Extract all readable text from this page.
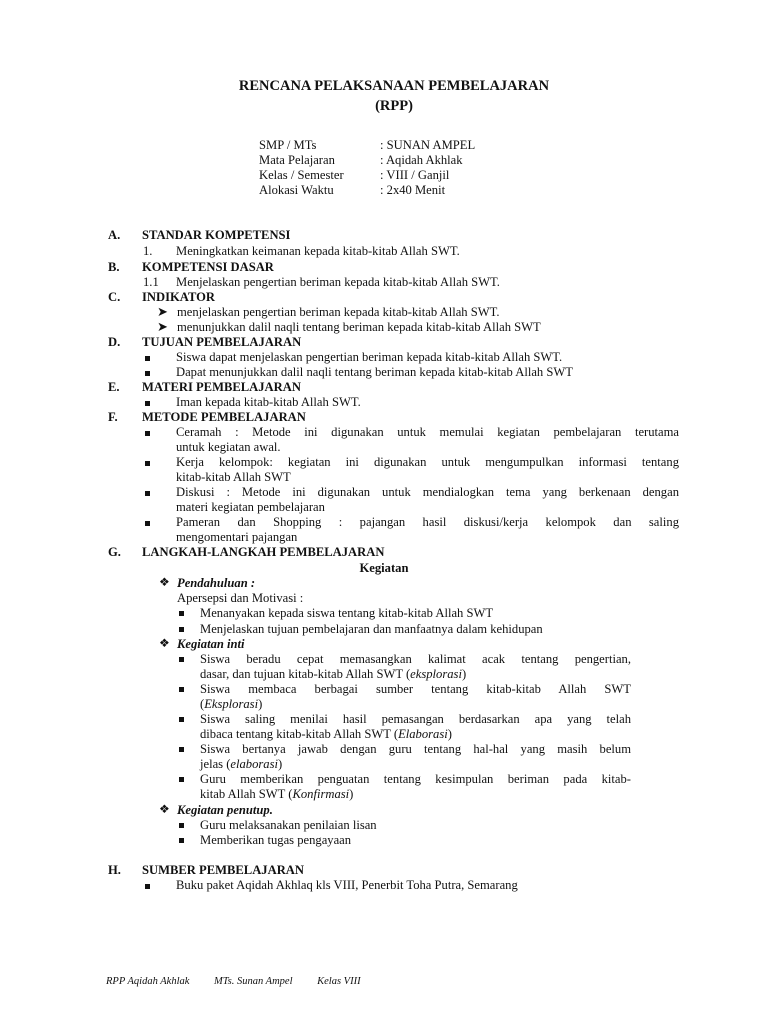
RENCANA PELAKSANAAN PEMBELAJARAN
(RPP)
SMP / MTs	: SUNAN AMPEL
Mata Pelajaran	: Aqidah Akhlak
Kelas / Semester	: VIII / Ganjil
Alokasi Waktu	: 2x40 Menit
A.	STANDAR KOMPETENSI
1. Meningkatkan keimanan kepada kitab-kitab Allah SWT.
B.	KOMPETENSI DASAR
1.1 Menjelaskan pengertian beriman kepada kitab-kitab Allah SWT.
C.	INDIKATOR
➤ menjelaskan pengertian beriman kepada kitab-kitab Allah SWT.
➤ menunjukkan dalil naqli tentang beriman kepada kitab-kitab Allah SWT
D.	TUJUAN PEMBELAJARAN
Siswa dapat menjelaskan pengertian beriman kepada kitab-kitab Allah SWT.
Dapat menunjukkan dalil naqli tentang beriman kepada kitab-kitab Allah SWT
E.	MATERI PEMBELAJARAN
Iman kepada kitab-kitab Allah SWT.
F.	METODE PEMBELAJARAN
Ceramah : Metode ini digunakan untuk memulai kegiatan pembelajaran terutama
untuk kegiatan awal.
Kerja kelompok: kegiatan ini digunakan untuk mengumpulkan informasi tentang
kitab-kitab Allah SWT
Diskusi : Metode ini digunakan untuk mendialogkan tema yang berkenaan dengan
materi kegiatan pembelajaran
Pameran dan Shopping : pajangan hasil diskusi/kerja kelompok dan saling
mengomentari pajangan
G.	LANGKAH-LANGKAH PEMBELAJARAN
Kegiatan
❖ Pendahuluan :
Apersepsi dan Motivasi :
Menanyakan kepada siswa tentang kitab-kitab Allah SWT
Menjelaskan tujuan pembelajaran dan manfaatnya dalam kehidupan
❖ Kegiatan inti
Siswa beradu cepat memasangkan kalimat acak tentang pengertian,
dasar, dan tujuan kitab-kitab Allah SWT (eksplorasi)
Siswa membaca berbagai sumber tentang kitab-kitab Allah SWT
(Eksplorasi)
Siswa saling menilai hasil pemasangan berdasarkan apa yang telah
dibaca tentang kitab-kitab Allah SWT (Elaborasi)
Siswa bertanya jawab dengan guru tentang hal-hal yang masih belum
jelas (elaborasi)
Guru memberikan penguatan tentang kesimpulan beriman pada kitab-
kitab Allah SWT (Konfirmasi)
❖ Kegiatan penutup.
Guru melaksanakan penilaian lisan
Memberikan tugas pengayaan
H.	SUMBER PEMBELAJARAN
Buku paket Aqidah Akhlaq kls VIII, Penerbit Toha Putra, Semarang
RPP Aqidah Akhlak MTs. Sunan Ampel Kelas VIII
